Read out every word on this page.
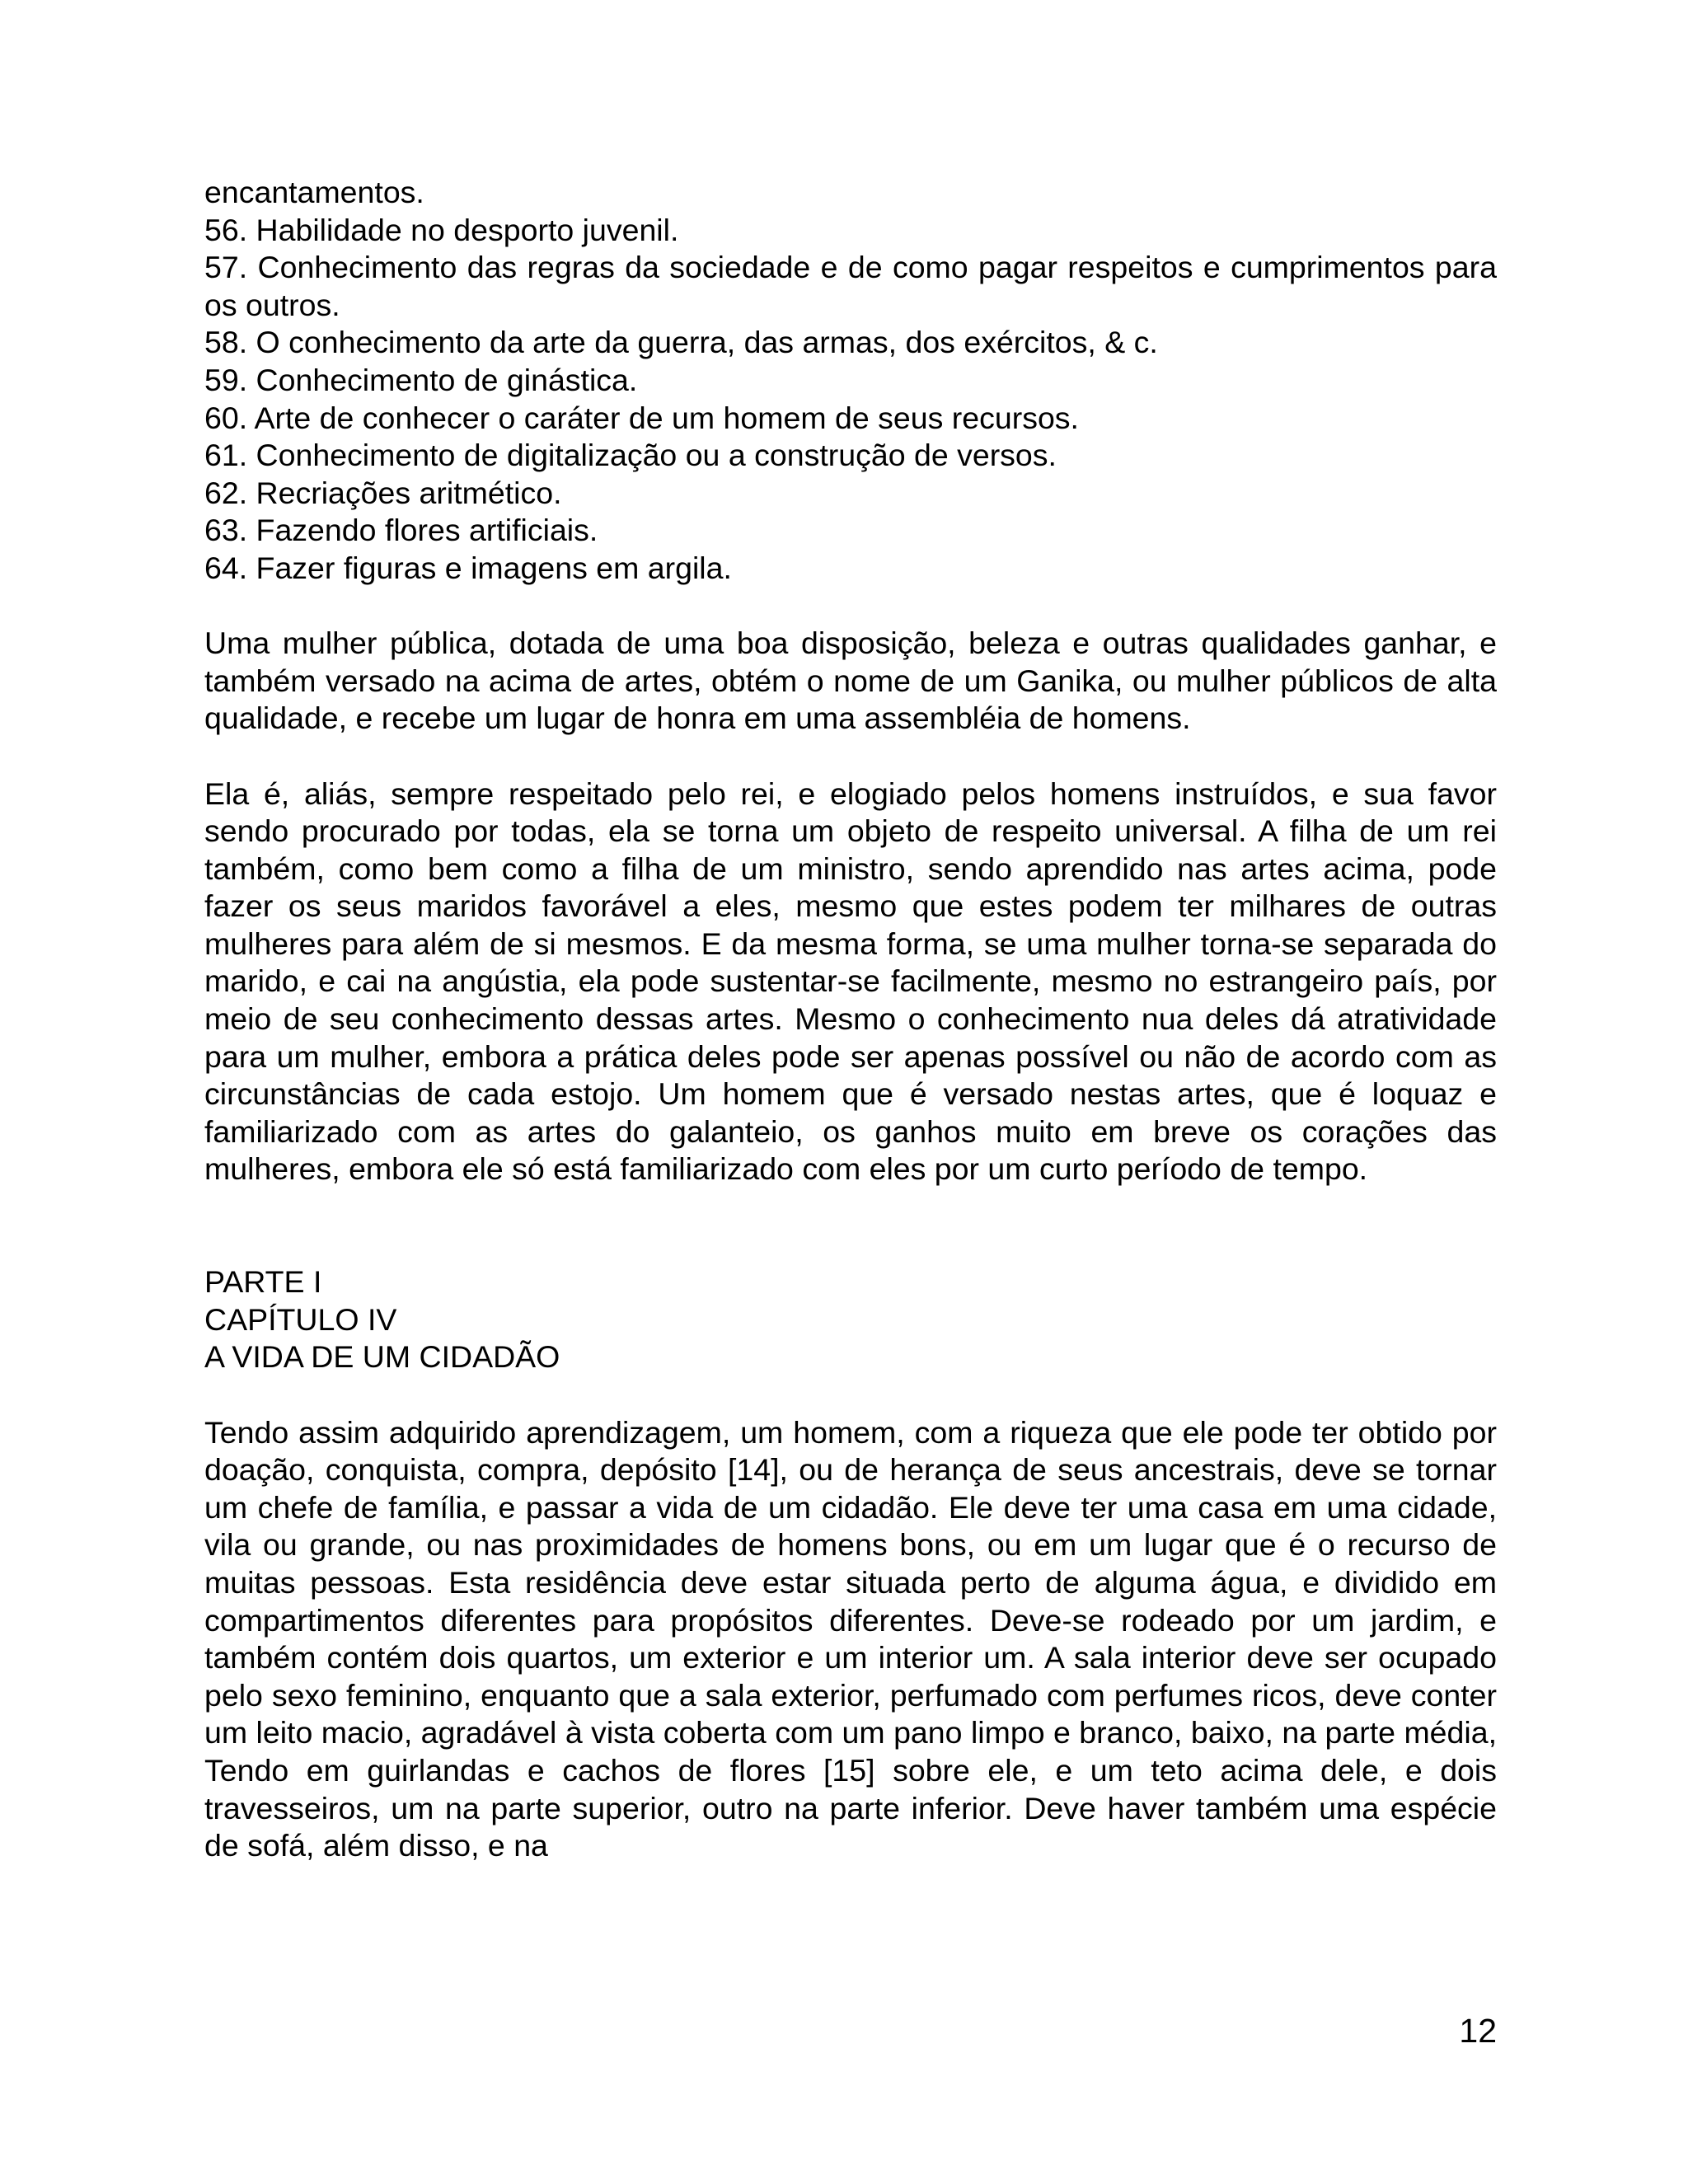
encantamentos.
56. Habilidade no desporto juvenil.
57. Conhecimento das regras da sociedade e de como pagar respeitos e cumprimentos para os outros.
58. O conhecimento da arte da guerra, das armas, dos exércitos, & c.
59. Conhecimento de ginástica.
60. Arte de conhecer o caráter de um homem de seus recursos.
61. Conhecimento de digitalização ou a construção de versos.
62. Recriações aritmético.
63. Fazendo flores artificiais.
64. Fazer figuras e imagens em argila.

Uma mulher pública, dotada de uma boa disposição, beleza e outras qualidades ganhar, e também versado na acima de artes, obtém o nome de um Ganika, ou mulher públicos de alta qualidade, e recebe um lugar de honra em uma assembléia de homens.

Ela é, aliás, sempre respeitado pelo rei, e elogiado pelos homens instruídos, e sua favor sendo procurado por todas, ela se torna um objeto de respeito universal. A filha de um rei também, como bem como a filha de um ministro, sendo aprendido nas artes acima, pode fazer os seus maridos favorável a eles, mesmo que estes podem ter milhares de outras mulheres para além de si mesmos. E da mesma forma, se uma mulher torna-se separada do marido, e cai na angústia, ela pode sustentar-se facilmente, mesmo no estrangeiro país, por meio de seu conhecimento dessas artes. Mesmo o conhecimento nua deles dá atratividade para um mulher, embora a prática deles pode ser apenas possível ou não de acordo com as circunstâncias de cada estojo. Um homem que é versado nestas artes, que é loquaz e familiarizado com as artes do galanteio, os ganhos muito em breve os corações das mulheres, embora ele só está familiarizado com eles por um curto período de tempo.

PARTE I
CAPÍTULO IV
A VIDA DE UM CIDADÃO

Tendo assim adquirido aprendizagem, um homem, com a riqueza que ele pode ter obtido por doação, conquista, compra, depósito [14], ou de herança de seus ancestrais, deve se tornar um chefe de família, e passar a vida de um cidadão. Ele deve ter uma casa em uma cidade, vila ou grande, ou nas proximidades de homens bons, ou em um lugar que é o recurso de muitas pessoas. Esta residência deve estar situada perto de alguma água, e dividido em compartimentos diferentes para propósitos diferentes. Deve-se rodeado por um jardim, e também contém dois quartos, um exterior e um interior um. A sala interior deve ser ocupado pelo sexo feminino, enquanto que a sala exterior, perfumado com perfumes ricos, deve conter um leito macio, agradável à vista coberta com um pano limpo e branco, baixo, na parte média, Tendo em guirlandas e cachos de flores [15] sobre ele, e um teto acima dele, e dois travesseiros, um na parte superior, outro na parte inferior. Deve haver também uma espécie de sofá, além disso, e na

12
